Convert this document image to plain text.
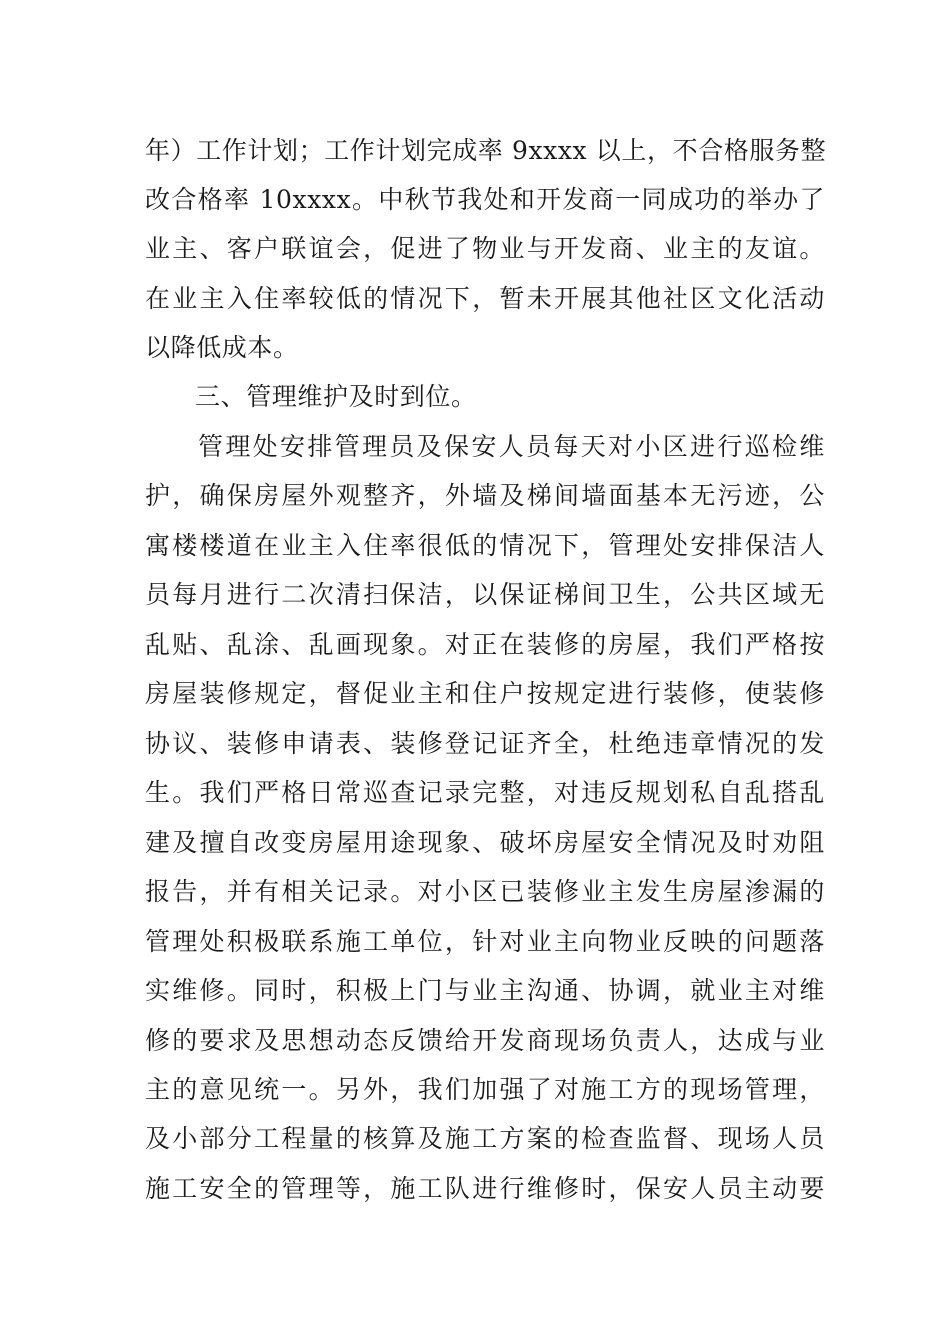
年）工作计划；工作计划完成率 9xxxx 以上，不合格服务整
改合格率 10xxxx。中秋节我处和开发商一同成功的举办了
业主、客户联谊会，促进了物业与开发商、业主的友谊。
在业主入住率较低的情况下，暂未开展其他社区文化活动
以降低成本。
三、管理维护及时到位。
管理处安排管理员及保安人员每天对小区进行巡检维
护，确保房屋外观整齐，外墙及梯间墙面基本无污迹，公
寓楼楼道在业主入住率很低的情况下，管理处安排保洁人
员每月进行二次清扫保洁，以保证梯间卫生，公共区域无
乱贴、乱涂、乱画现象。对正在装修的房屋，我们严格按
房屋装修规定，督促业主和住户按规定进行装修，使装修
协议、装修申请表、装修登记证齐全，杜绝违章情况的发
生。我们严格日常巡查记录完整，对违反规划私自乱搭乱
建及擅自改变房屋用途现象、破坏房屋安全情况及时劝阻
报告，并有相关记录。对小区已装修业主发生房屋渗漏的
管理处积极联系施工单位，针对业主向物业反映的问题落
实维修。同时，积极上门与业主沟通、协调，就业主对维
修的要求及思想动态反馈给开发商现场负责人，达成与业
主的意见统一。另外，我们加强了对施工方的现场管理，
及小部分工程量的核算及施工方案的检查监督、现场人员
施工安全的管理等，施工队进行维修时，保安人员主动要
